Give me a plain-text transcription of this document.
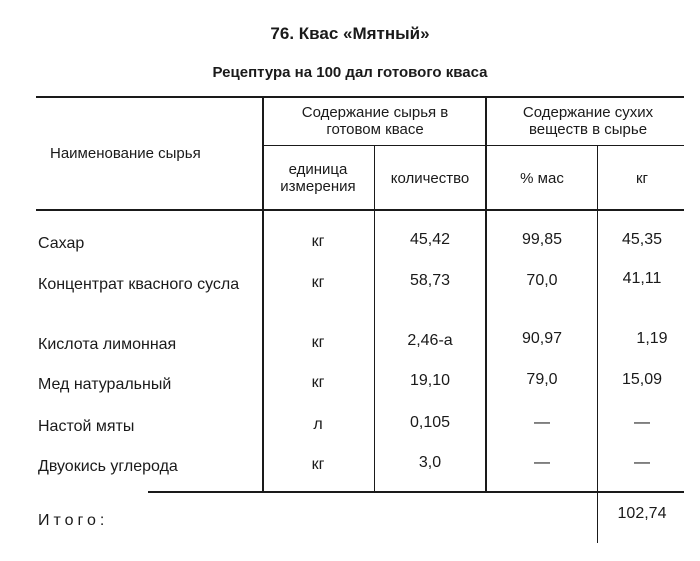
76. Квас «Мятный»
Рецептура на 100 дал готового кваса
Наименование сырья
Содержание сырья в готовом квасе
Содержание сухих веществ в сырье
единица измерения	количество	% мас	кг
Сахар	кг	45,42	99,85	45,35
Концентрат квасного сусла	кг	58,73	70,0	41,11
Кислота лимонная	кг	2,46-а	90,97	1,19
Мед натуральный	кг	19,10	79,0	15,09
Настой мяты	л	0,105	—	—
Двуокись углерода	кг	3,0	—	—
Итого:	102,74
